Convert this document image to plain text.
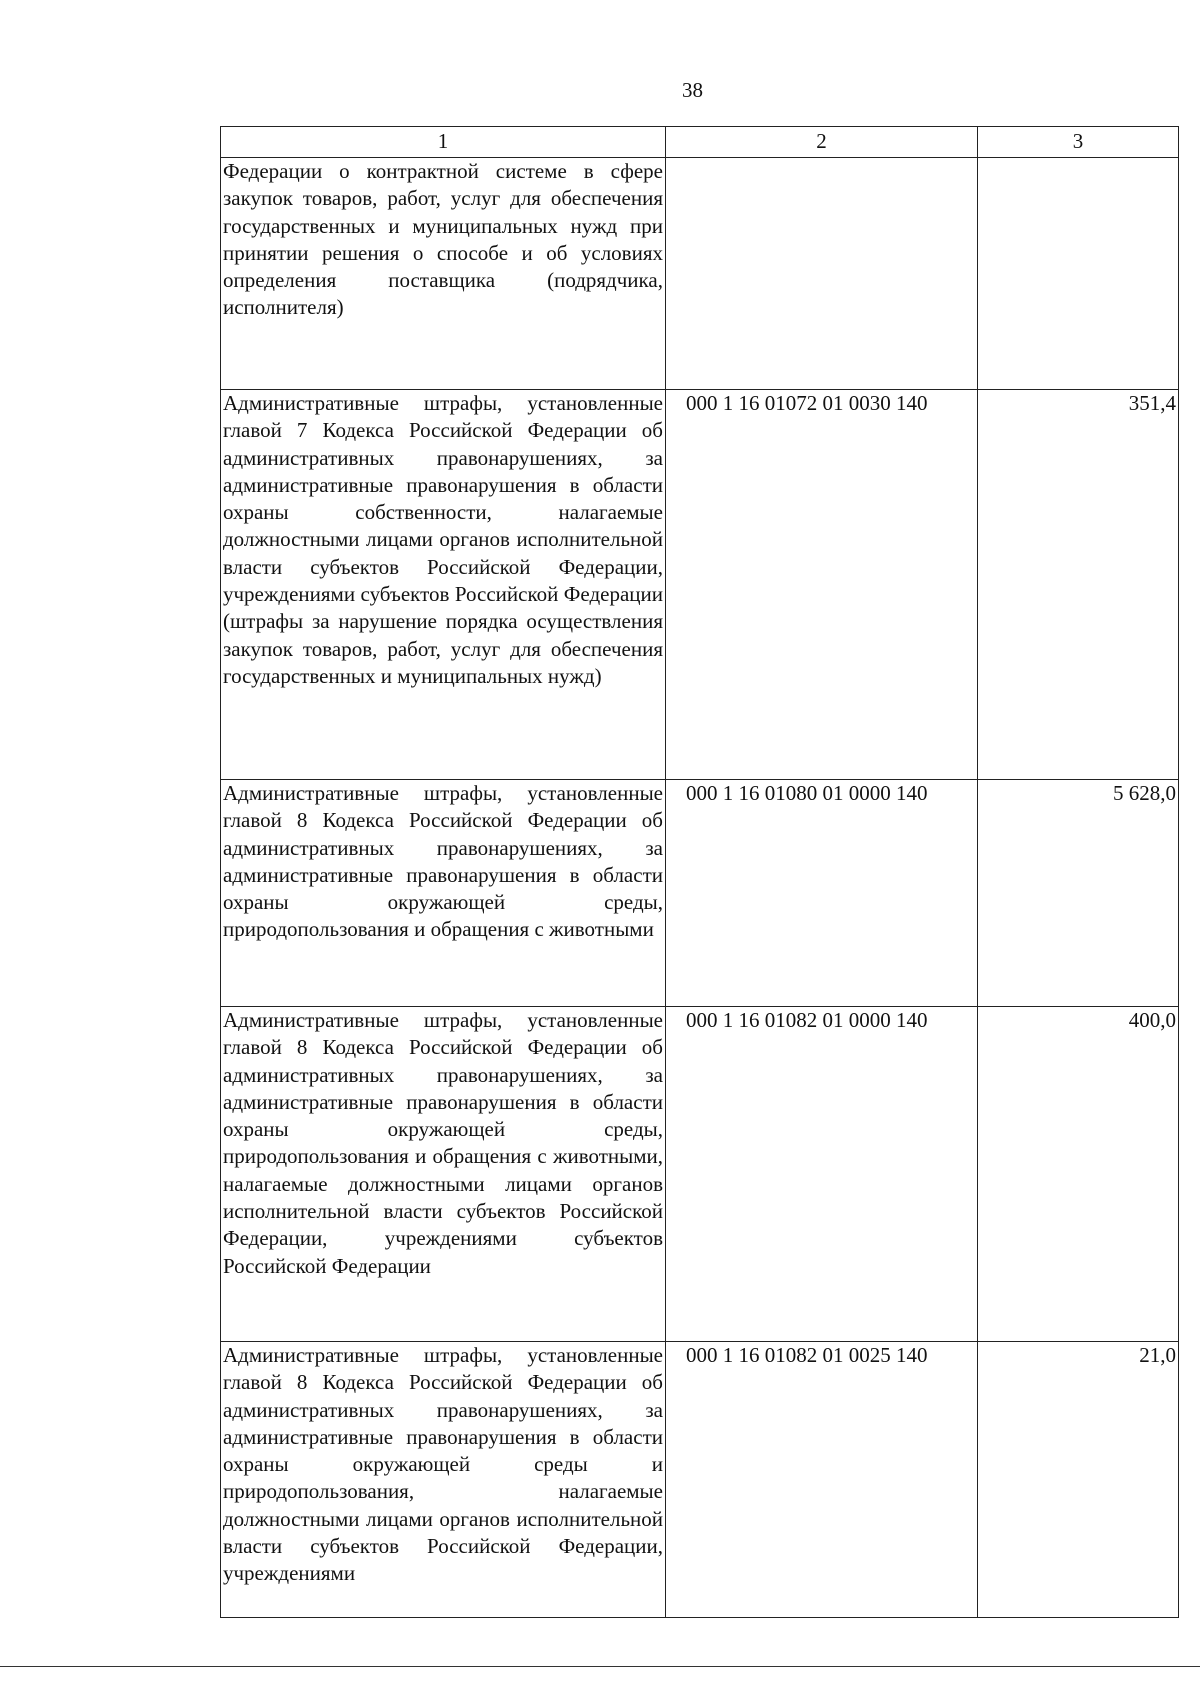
38
1	2	3
Федерации о контрактной системе в сфере закупок товаров, работ, услуг для обеспечения государственных и муниципальных нужд при принятии решения о способе и об условиях определения поставщика (подрядчика, исполнителя)		
Административные штрафы, установленные главой 7 Кодекса Российской Федерации об административных правонарушениях, за административные правонарушения в области охраны собственности, налагаемые должностными лицами органов исполнительной власти субъектов Российской Федерации, учреждениями субъектов Российской Федерации (штрафы за нарушение порядка осуществления закупок товаров, работ, услуг для обеспечения государственных и муниципальных нужд)	000 1 16 01072 01 0030 140	351,4
Административные штрафы, установленные главой 8 Кодекса Российской Федерации об административных правонарушениях, за административные правонарушения в области охраны окружающей среды, природопользования и обращения с животными	000 1 16 01080 01 0000 140	5 628,0
Административные штрафы, установленные главой 8 Кодекса Российской Федерации об административных правонарушениях, за административные правонарушения в области охраны окружающей среды, природопользования и обращения с животными, налагаемые должностными лицами органов исполнительной власти субъектов Российской Федерации, учреждениями субъектов Российской Федерации	000 1 16 01082 01 0000 140	400,0
Административные штрафы, установленные главой 8 Кодекса Российской Федерации об административных правонарушениях, за административные правонарушения в области охраны окружающей среды и природопользования, налагаемые должностными лицами органов исполнительной власти субъектов Российской Федерации, учреждениями	000 1 16 01082 01 0025 140	21,0
